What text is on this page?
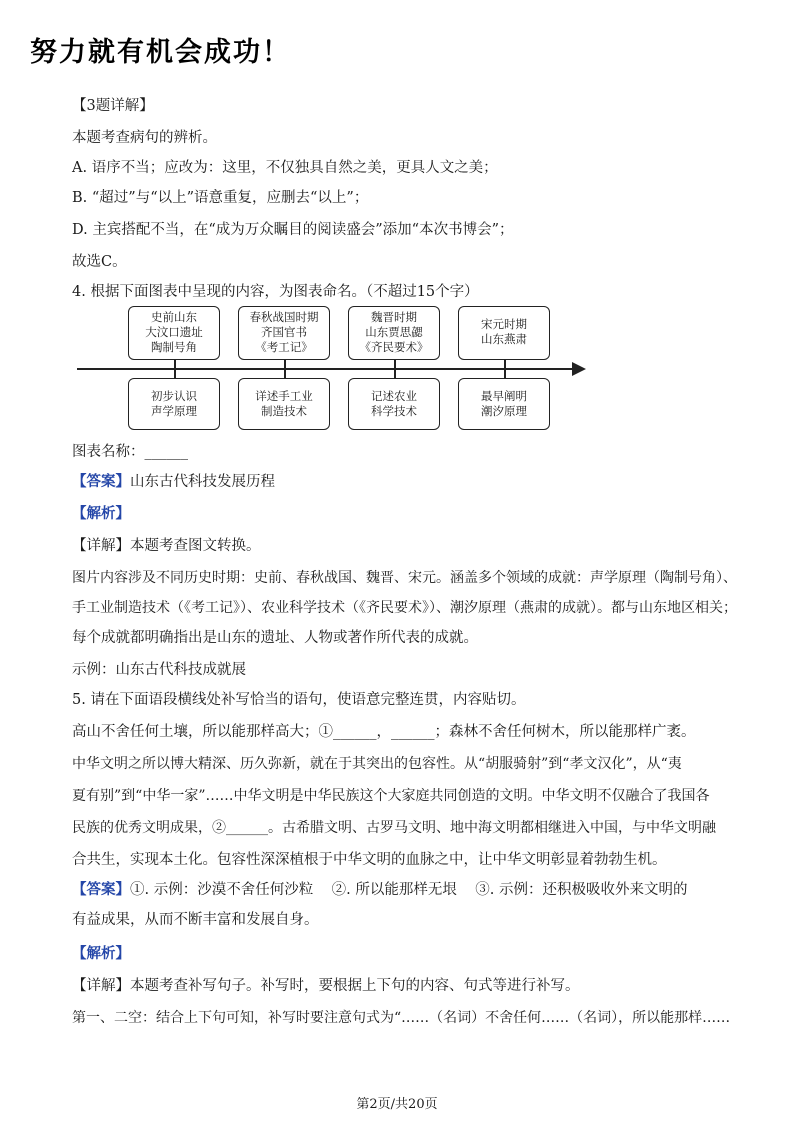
努力就有机会成功！
【3题详解】
本题考查病句的辨析。
A. 语序不当；应改为：这里，不仅独具自然之美，更具人文之美；
B. “超过”与“以上”语意重复，应删去“以上”；
D. 主宾搭配不当，在“成为万众瞩目的阅读盛会”添加“本次书博会”；
故选C。
4. 根据下面图表中呈现的内容，为图表命名。（不超过15个字）
史前山东
大汶口遗址
陶制号角
春秋战国时期
齐国官书
《考工记》
魏晋时期
山东贾思勰
《齐民要术》
宋元时期
山东燕肃
初步认识
声学原理
详述手工业
制造技术
记述农业
科学技术
最早阐明
潮汐原理
图表名称：______
【答案】山东古代科技发展历程
【解析】
【详解】本题考查图文转换。
图片内容涉及不同历史时期：史前、春秋战国、魏晋、宋元。涵盖多个领域的成就：声学原理（陶制号角）、
手工业制造技术（《考工记》）、农业科学技术（《齐民要术》）、潮汐原理（燕肃的成就）。都与山东地区相关；
每个成就都明确指出是山东的遗址、人物或著作所代表的成就。
示例：山东古代科技成就展
5. 请在下面语段横线处补写恰当的语句，使语意完整连贯，内容贴切。
高山不舍任何土壤，所以能那样高大；①______，______；森林不舍任何树木，所以能那样广袤。
中华文明之所以博大精深、历久弥新，就在于其突出的包容性。从“胡服骑射”到“孝文汉化”，从“夷
夏有别”到“中华一家”……中华文明是中华民族这个大家庭共同创造的文明。中华文明不仅融合了我国各
民族的优秀文明成果，②______。古希腊文明、古罗马文明、地中海文明都相继进入中国，与中华文明融
合共生，实现本土化。包容性深深植根于中华文明的血脉之中，让中华文明彰显着勃勃生机。
【答案】①. 示例：沙漠不舍任何沙粒    ②. 所以能那样无垠    ③. 示例：还积极吸收外来文明的
有益成果，从而不断丰富和发展自身。
【解析】
【详解】本题考查补写句子。补写时，要根据上下句的内容、句式等进行补写。
第一、二空：结合上下句可知，补写时要注意句式为“……（名词）不舍任何……（名词），所以能那样……
第2页/共20页
